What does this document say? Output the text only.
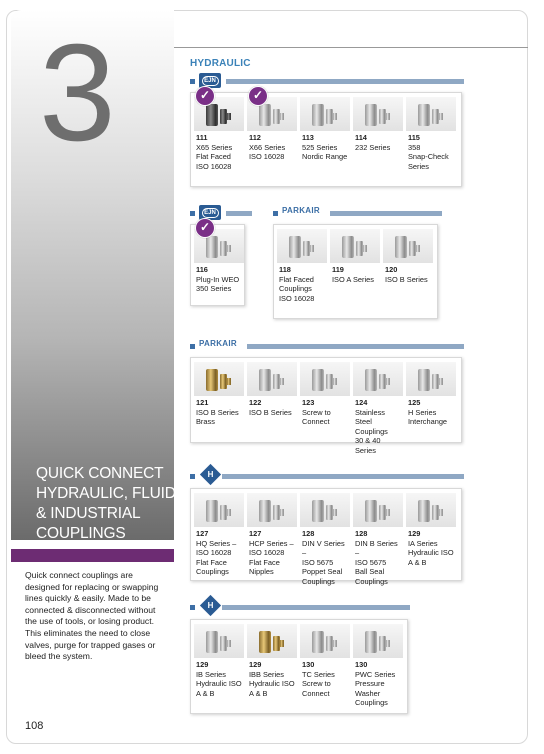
3
QUICK CONNECT HYDRAULIC, FLUID & INDUSTRIAL COUPLINGS
Quick connect couplings are designed for replacing or swapping lines quickly & easily. Made to be connected & disconnected without the use of tools, or losing product. This eliminates the need to close valves, purge for trapped gases or bleed the system.
108
HYDRAULIC
EJN
EJN	PARKAIR
PARKAIR
H
H
111
X65 Series
Flat Faced
ISO 16028
112
X66 Series
ISO 16028
113
525 Series
Nordic Range
114
232 Series
115
358
Snap-Check
Series
116
Plug-In WEO
350 Series
118
Flat Faced
Couplings
ISO 16028
119
ISO A Series
120
ISO B Series
121
ISO B Series
Brass
122
ISO B Series
123
Screw to
Connect
124
Stainless Steel
Couplings
30 & 40 Series
125
H Series
Interchange
127
HQ Series –
ISO 16028
Flat Face
Couplings
127
HCP Series –
ISO 16028
Flat Face
Nipples
128
DIN V Series –
ISO 5675
Poppet Seal
Couplings
128
DIN B Series –
ISO 5675
Ball Seal
Couplings
129
IA Series
Hydraulic ISO
A & B
129
IB Series
Hydraulic ISO
A & B
129
IBB Series
Hydraulic ISO
A & B
130
TC Series
Screw to
Connect
130
PWC Series
Pressure
Washer
Couplings
✓	✓
✓
